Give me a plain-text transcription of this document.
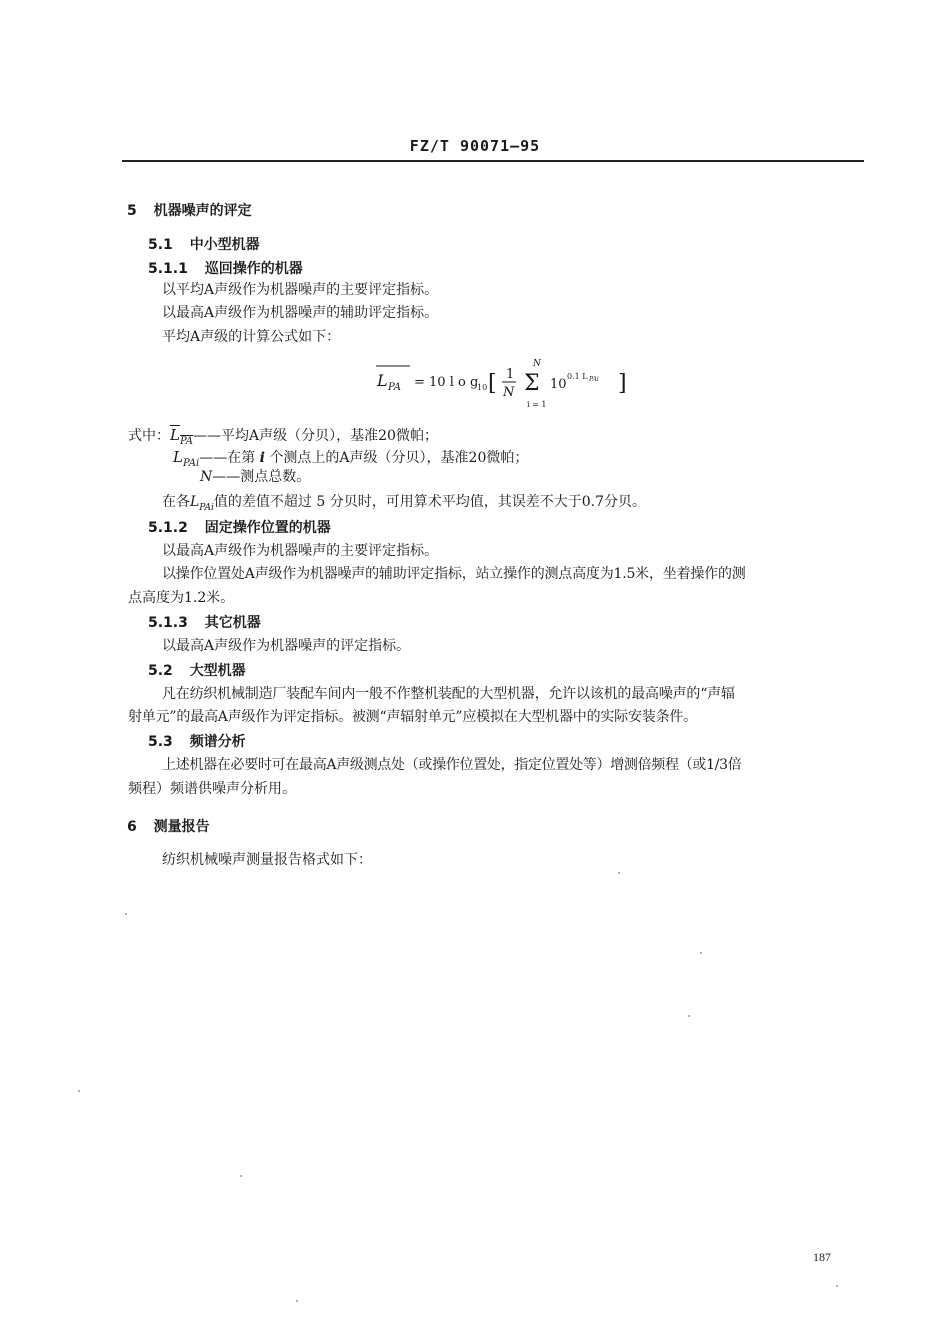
FZ/T 90071—95
5 机器噪声的评定
5.1 中小型机器
5.1.1 巡回操作的机器
以平均A声级作为机器噪声的主要评定指标。
以最高A声级作为机器噪声的辅助评定指标。
平均A声级的计算公式如下：
L PA = 10 l o g
10 [ 1
N
N
Σ
i = 1
10
0.1 L PAi ]
式中：$\overline{L}_{\overline{PA}}——$平均A声级（分贝），基准20微帕；
$L_{PAi}——$在第 i 个测点上的A声级（分贝），基准20微帕；
N——测点总数。
在各$L_{PAi}$值的差值不超过 5 分贝时，可用算术平均值，其误差不大于0.7分贝。
5.1.2 固定操作位置的机器
以最高A声级作为机器噪声的主要评定指标。
以操作位置处A声级作为机器噪声的辅助评定指标，站立操作的测点高度为1.5米，坐着操作的测
点高度为1.2米。
5.1.3 其它机器
以最高A声级作为机器噪声的评定指标。
5.2 大型机器
凡在纺织机械制造厂装配车间内一般不作整机装配的大型机器，允许以该机的最高噪声的“声辐
射单元”的最高A声级作为评定指标。被测“声辐射单元”应模拟在大型机器中的实际安装条件。
5.3 频谱分析
上述机器在必要时可在最高A声级测点处（或操作位置处，指定位置处等）增测倍频程（或1/3倍
频程）频谱供噪声分析用。
6 测量报告
纺织机械噪声测量报告格式如下：
187
